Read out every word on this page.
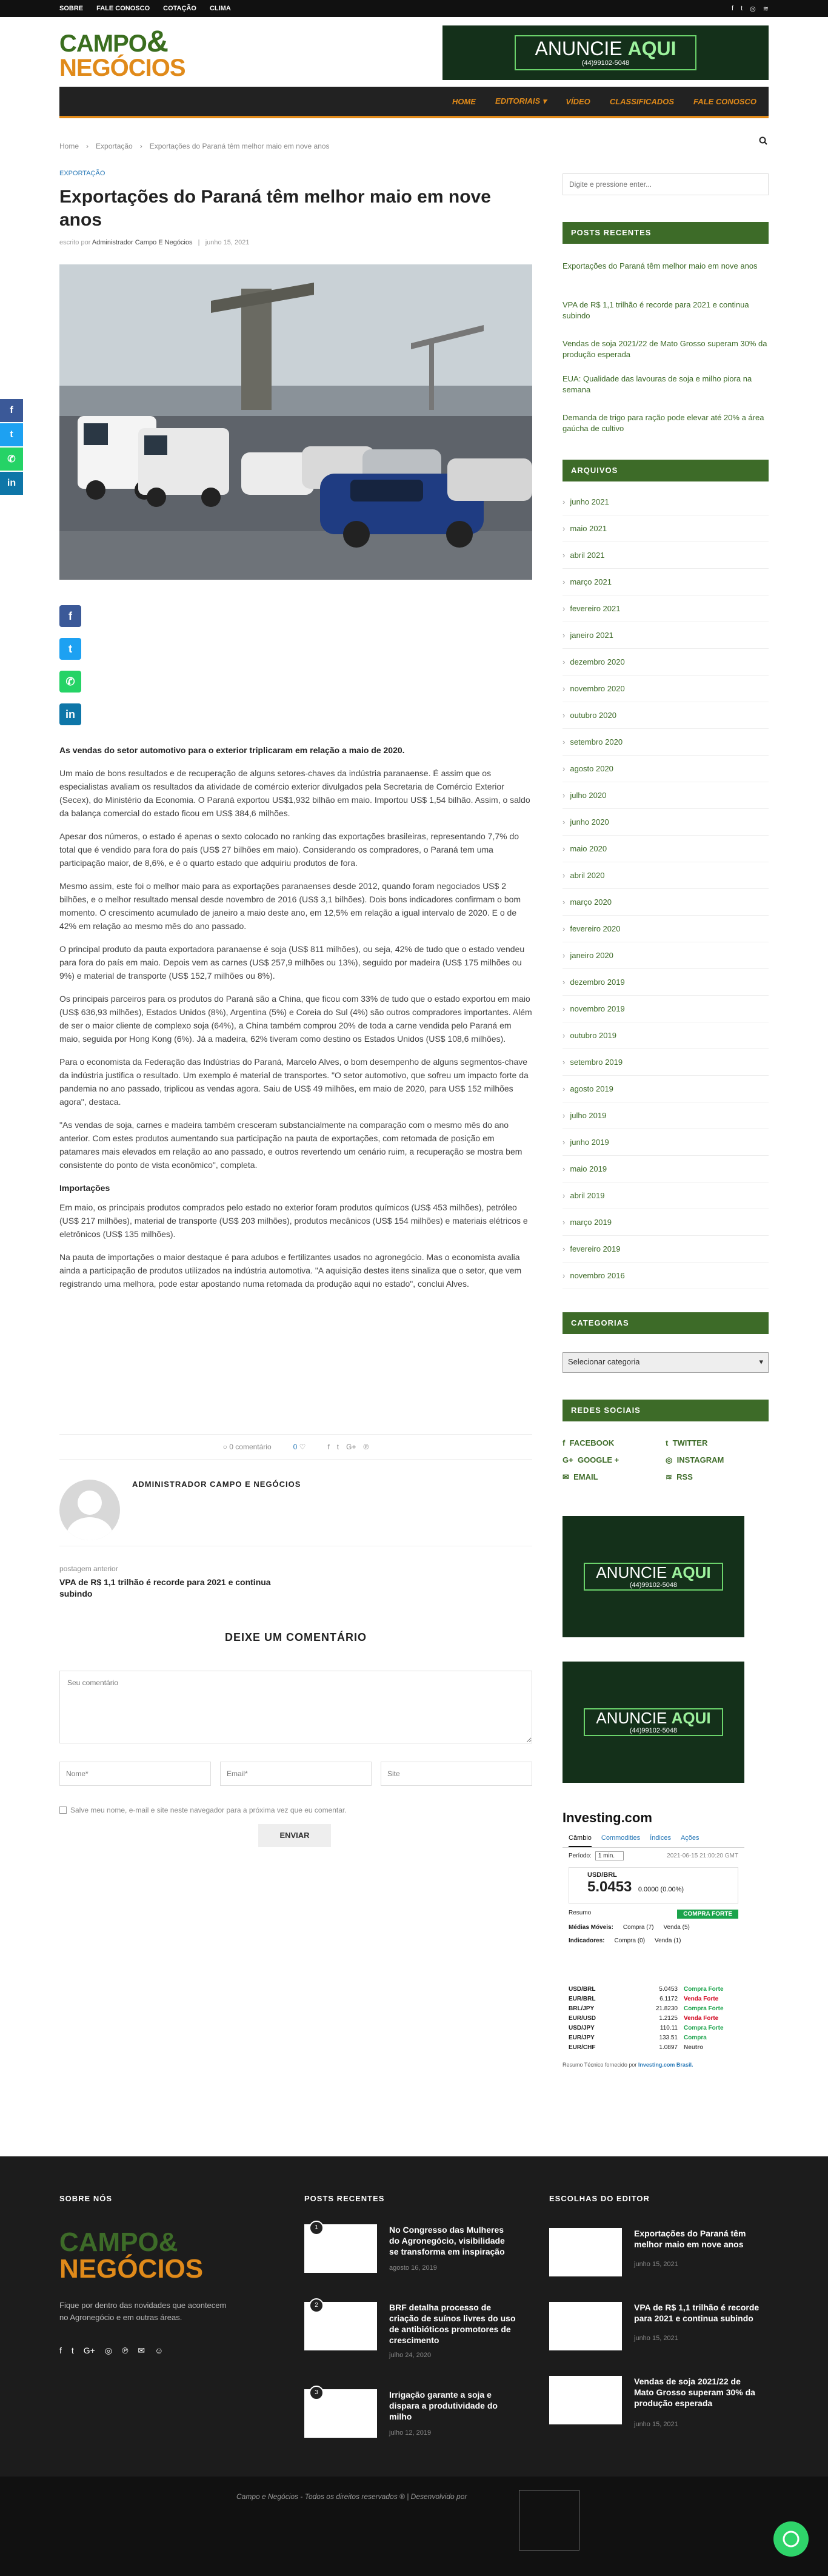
SOBRE FALE CONOSCO COTAÇÃO CLIMA	f t ◎ ≋
CAMPO&
NEGÓCIOS
ANUNCIE AQUI
(44)99102-5048
HOME EDITORIAIS ▾ VÍDEO CLASSIFICADOS FALE CONOSCO
Home › Exportação › Exportações do Paraná têm melhor maio em nove anos
EXPORTAÇÃO
Exportações do Paraná têm melhor maio em nove anos
escrito por Administrador Campo E Negócios   |   junho 15, 2021
f
t
✆
in
f
t
✆
in

As vendas do setor automotivo para o exterior triplicaram em relação a maio de 2020.

Um maio de bons resultados e de recuperação de alguns setores-chaves da indústria paranaense. É assim que os especialistas avaliam os resultados da atividade de comércio exterior divulgados pela Secretaria de Comércio Exterior (Secex), do Ministério da Economia. O Paraná exportou US$1,932 bilhão em maio. Importou US$ 1,54 bilhão. Assim, o saldo da balança comercial do estado ficou em US$ 384,6 milhões.

Apesar dos números, o estado é apenas o sexto colocado no ranking das exportações brasileiras, representando 7,7% do total que é vendido para fora do país (US$ 27 bilhões em maio). Considerando os compradores, o Paraná tem uma participação maior, de 8,6%, e é o quarto estado que adquiriu produtos de fora.

Mesmo assim, este foi o melhor maio para as exportações paranaenses desde 2012, quando foram negociados US$ 2 bilhões, e o melhor resultado mensal desde novembro de 2016 (US$ 3,1 bilhões). Dois bons indicadores confirmam o bom momento. O crescimento acumulado de janeiro a maio deste ano, em 12,5% em relação a igual intervalo de 2020. E o de 42% em relação ao mesmo mês do ano passado.

O principal produto da pauta exportadora paranaense é soja (US$ 811 milhões), ou seja, 42% de tudo que o estado vendeu para fora do país em maio. Depois vem as carnes (US$ 257,9 milhões ou 13%), seguido por madeira (US$ 175 milhões ou 9%) e material de transporte (US$ 152,7 milhões ou 8%).

Os principais parceiros para os produtos do Paraná são a China, que ficou com 33% de tudo que o estado exportou em maio (US$ 636,93 milhões), Estados Unidos (8%), Argentina (5%) e Coreia do Sul (4%) são outros compradores importantes. Além de ser o maior cliente de complexo soja (64%), a China também comprou 20% de toda a carne vendida pelo Paraná em maio, seguida por Hong Kong (6%). Já a madeira, 62% tiveram como destino os Estados Unidos (US$ 108,6 milhões).

Para o economista da Federação das Indústrias do Paraná, Marcelo Alves, o bom desempenho de alguns segmentos-chave da indústria justifica o resultado. Um exemplo é material de transportes. "O setor automotivo, que sofreu um impacto forte da pandemia no ano passado, triplicou as vendas agora. Saiu de US$ 49 milhões, em maio de 2020, para US$ 152 milhões agora", destaca.

"As vendas de soja, carnes e madeira também cresceram substancialmente na comparação com o mesmo mês do ano anterior. Com estes produtos aumentando sua participação na pauta de exportações, com retomada de posição em patamares mais elevados em relação ao ano passado, e outros revertendo um cenário ruim, a recuperação se mostra bem consistente do ponto de vista econômico", completa.

Importações

Em maio, os principais produtos comprados pelo estado no exterior foram produtos químicos (US$ 453 milhões), petróleo (US$ 217 milhões), material de transporte (US$ 203 milhões), produtos mecânicos (US$ 154 milhões) e materiais elétricos e eletrônicos (US$ 135 milhões).

Na pauta de importações o maior destaque é para adubos e fertilizantes usados no agronegócio. Mas o economista avalia ainda a participação de produtos utilizados na indústria automotiva. "A aquisição destes itens sinaliza que o setor, que vem registrando uma melhora, pode estar apostando numa retomada da produção aqui no estado", conclui Alves.

○ 0 comentário	0 ♡	f t G+ ℗
ADMINISTRADOR CAMPO E NEGÓCIOS
postagem anterior
VPA de R$ 1,1 trilhão é recorde para 2021 e continua subindo
DEIXE UM COMENTÁRIO
Seu comentário
Nome*
Email*
Site
Salve meu nome, e-mail e site neste navegador para a próxima vez que eu comentar.
ENVIAR
Digite e pressione enter...
POSTS RECENTES
Exportações do Paraná têm melhor maio em nove anos
VPA de R$ 1,1 trilhão é recorde para 2021 e continua subindo
Vendas de soja 2021/22 de Mato Grosso superam 30% da produção esperada
EUA: Qualidade das lavouras de soja e milho piora na semana
Demanda de trigo para ração pode elevar até 20% a área gaúcha de cultivo
ARQUIVOS
› junho 2021
› maio 2021
› abril 2021
› março 2021
› fevereiro 2021
› janeiro 2021
› dezembro 2020
› novembro 2020
› outubro 2020
› setembro 2020
› agosto 2020
› julho 2020
› junho 2020
› maio 2020
› abril 2020
› março 2020
› fevereiro 2020
› janeiro 2020
› dezembro 2019
› novembro 2019
› outubro 2019
› setembro 2019
› agosto 2019
› julho 2019
› junho 2019
› maio 2019
› abril 2019
› março 2019
› fevereiro 2019
› novembro 2016
CATEGORIAS
Selecionar categoria	▾
REDES SOCIAIS
f FACEBOOK	t TWITTER
G+ GOOGLE +	◎ INSTAGRAM
✉ EMAIL	≋ RSS
ANUNCIE AQUI
(44)99102-5048
ANUNCIE AQUI
(44)99102-5048
Investing.com
Câmbio Commodities Índices Ações
Período:	1 min.	2021-06-15 21:00:20 GMT
USD/BRL
5.0453 0.0000 (0.00%)
Resumo	COMPRA FORTE
Médias Móveis: Compra (7) Venda (5)
Indicadores: Compra (0) Venda (1)
USD/BRL	5.0453 Compra Forte
EUR/BRL	6.1172 Venda Forte
BRL/JPY	21.8230 Compra Forte
EUR/USD	1.2125 Venda Forte
USD/JPY	110.11 Compra Forte
EUR/JPY	133.51 Compra
EUR/CHF	1.0897 Neutro
Resumo Técnico fornecido por Investing.com Brasil.
SOBRE NÓS
CAMPO&
NEGÓCIOS
Fique por dentro das novidades que acontecem no Agronegócio e em outras áreas.
f t G+ ◎ ℗ ✉ ☺
POSTS RECENTES
1	No Congresso das Mulheres do Agronegócio, visibilidade se transforma em inspiração
agosto 16, 2019
2	BRF detalha processo de criação de suínos livres do uso de antibióticos promotores de crescimento
julho 24, 2020
3	Irrigação garante a soja e dispara a produtividade do milho
julho 12, 2019
ESCOLHAS DO EDITOR
Exportações do Paraná têm melhor maio em nove anos
junho 15, 2021
VPA de R$ 1,1 trilhão é recorde para 2021 e continua subindo
junho 15, 2021
Vendas de soja 2021/22 de Mato Grosso superam 30% da produção esperada
junho 15, 2021
Campo e Negócios - Todos os direitos reservados ® | Desenvolvido por
